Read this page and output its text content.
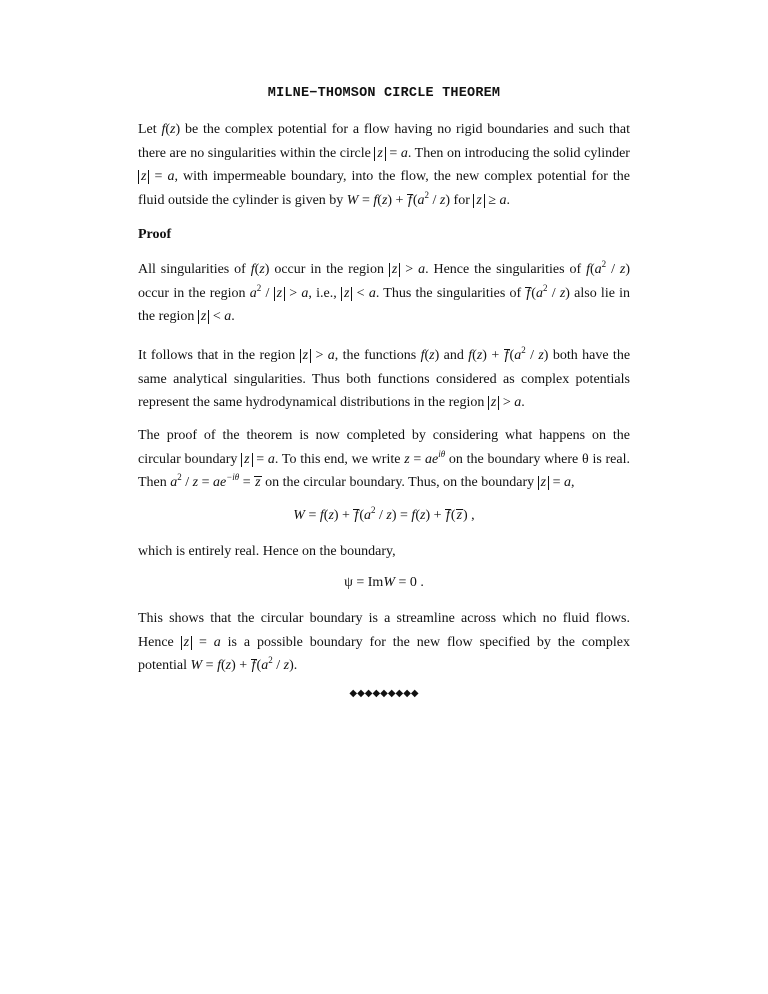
MILNE−THOMSON CIRCLE THEOREM
Let f(z) be the complex potential for a flow having no rigid boundaries and such that there are no singularities within the circle z = a. Then on introducing the solid cylinderz = a, with impermeable boundary, into the flow, the new complex potential for the fluid outside the cylinder is given by $W = f(z) + f(a^2 / z)$ for z ≥ a.
Proof
All singularities of f(z) occur in the region z > a. Hence the singularities of $f(a^2 / z)$ occur in the region $a^2 / z > a$, i.e., z < a. Thus the singularities of $f(a^2 / z)$ also lie in the region z < a.
It follows that in the region z > a, the functions f(z) and $f(z) + f(a^2 / z)$ both have the same analytical singularities. Thus both functions considered as complex potentials represent the same hydrodynamical distributions in the region z > a.
The proof of the theorem is now completed by considering what happens on the circular boundary z = a. To this end, we write $z = ae^{i\theta}$ on the boundary where θ is real. Then $a^2 / z = ae^{-i\theta} = z$ on the circular boundary. Thus, on the boundary z = a,
$W = f(z) + f(a^2 / z) = f(z) + f(z)$ ,
which is entirely real. Hence on the boundary,
ψ = ImW = 0 .
This shows that the circular boundary is a streamline across which no fluid flows. Hence z = a is a possible boundary for the new flow specified by the complex potential $W = f(z) + f(a^2 / z)$.
◆◆◆◆◆◆◆◆◆
